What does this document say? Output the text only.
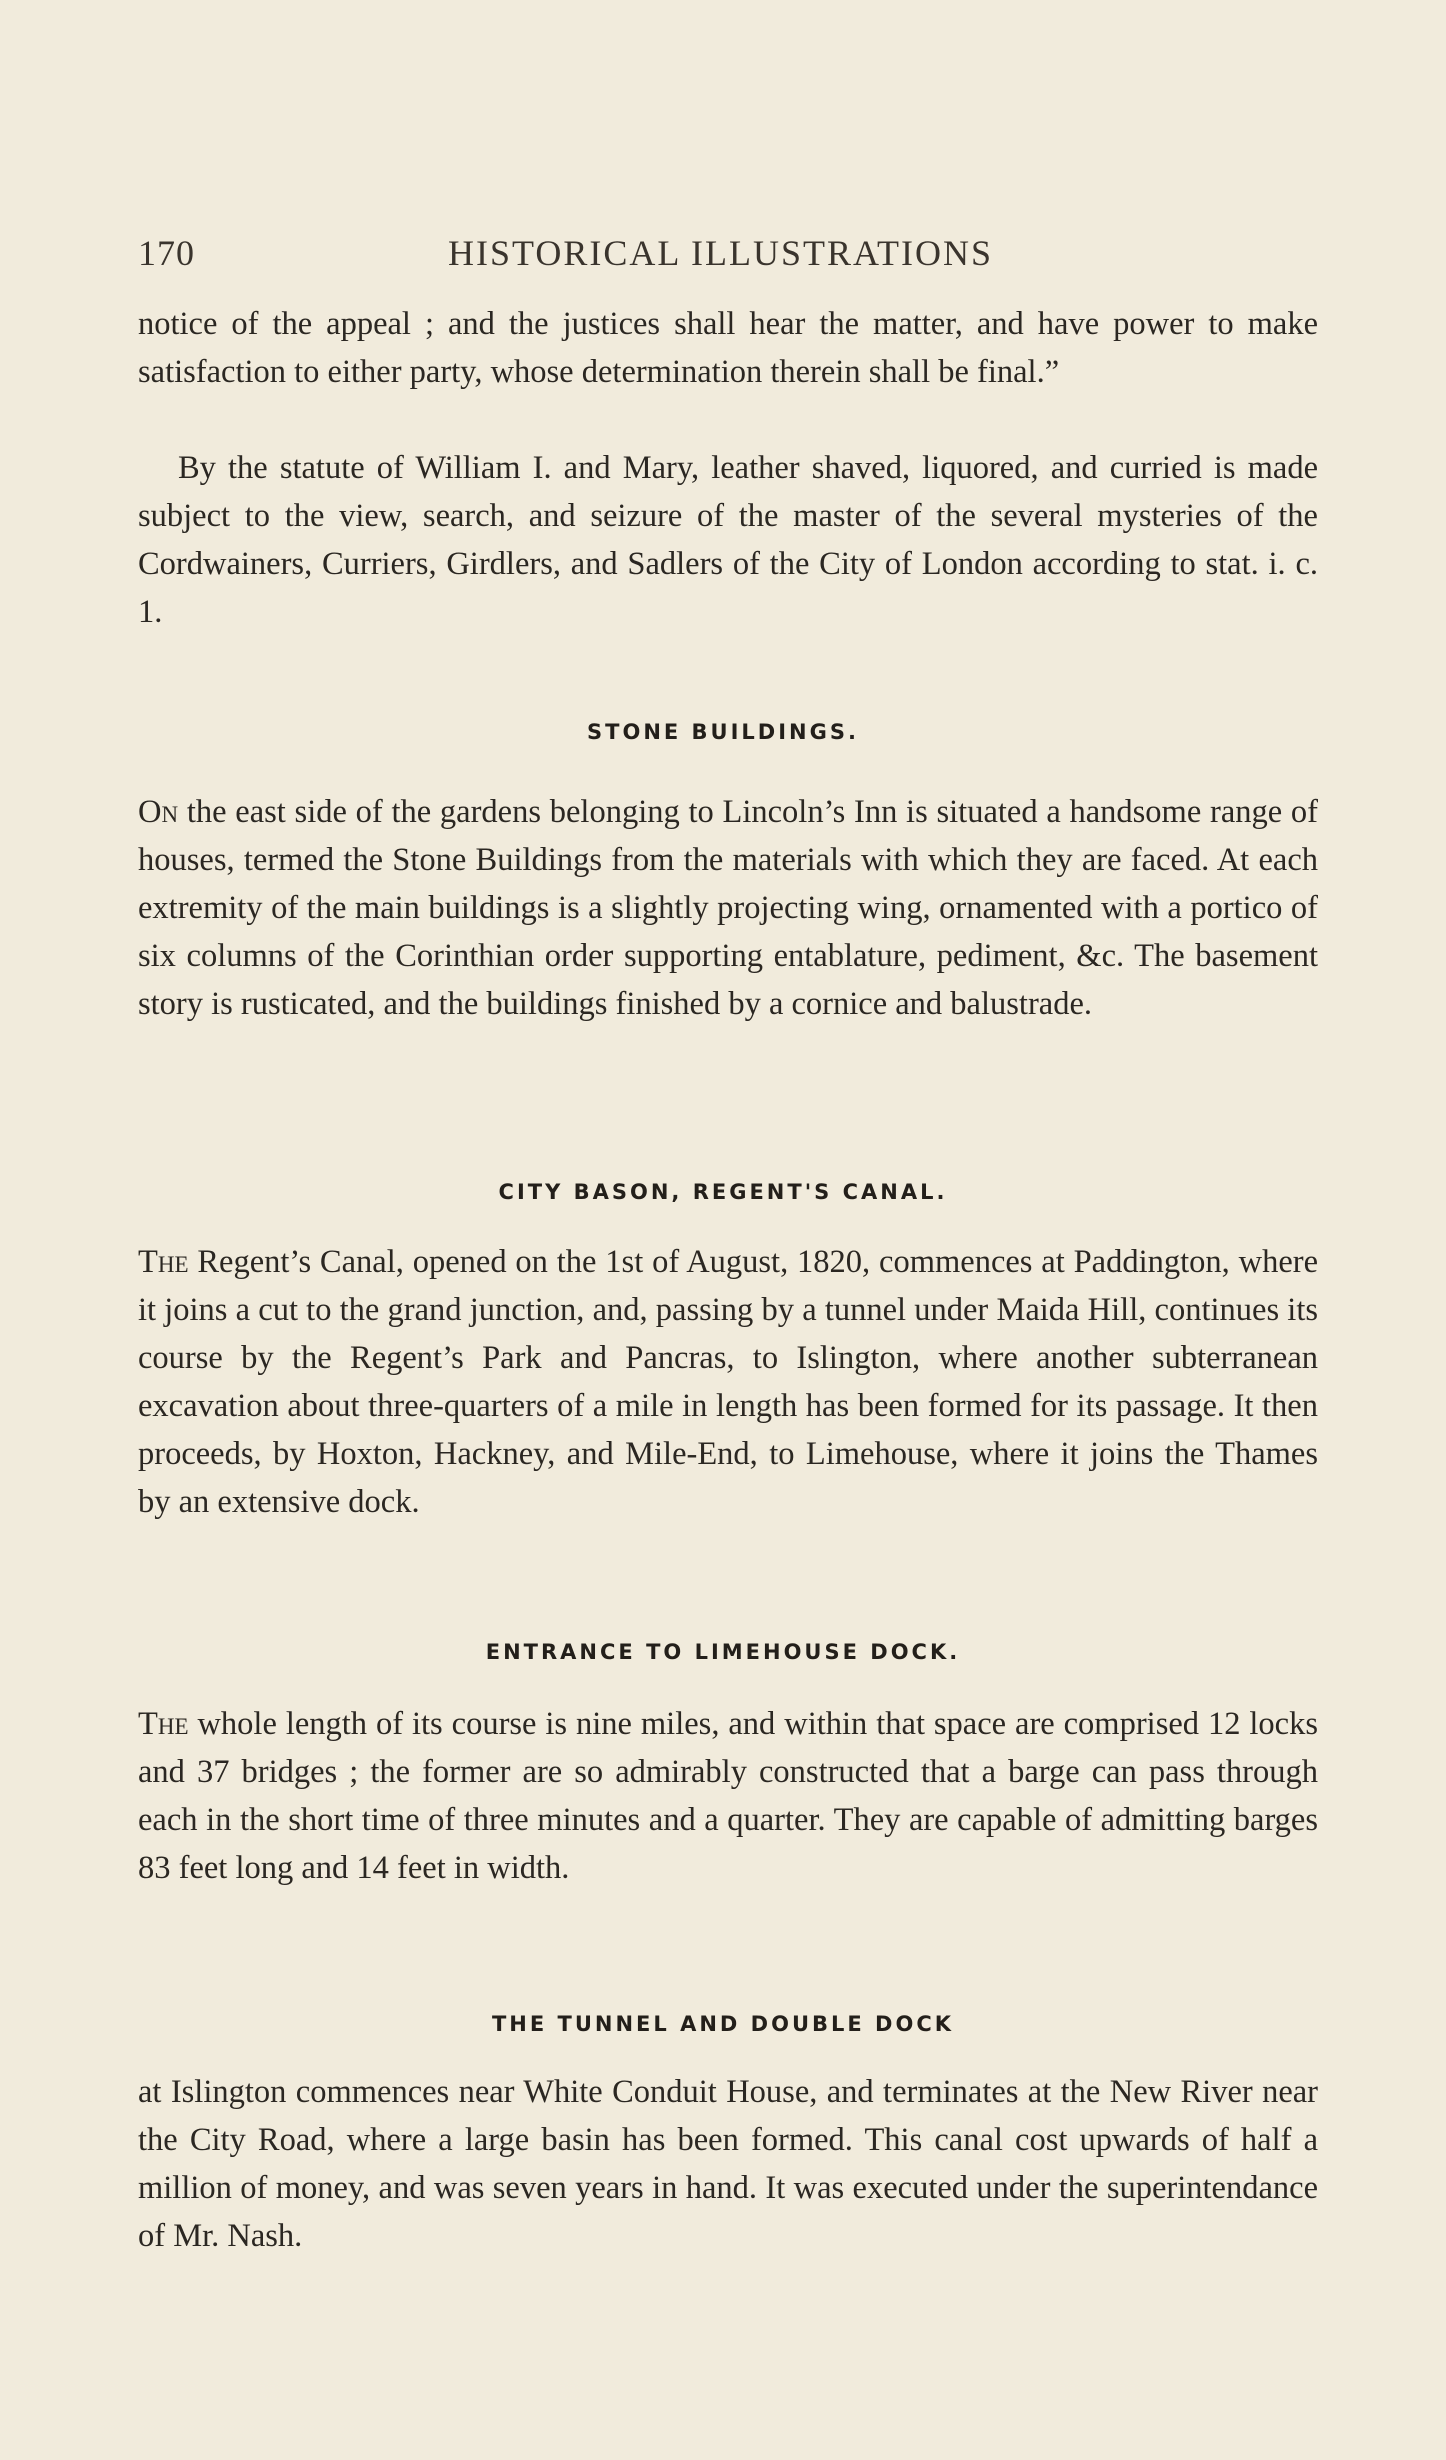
170	HISTORICAL ILLUSTRATIONS

notice of the appeal ; and the justices shall hear the matter, and have power to make satisfaction to either party, whose determination therein shall be final.”

By the statute of William I. and Mary, leather shaved, liquored, and curried is made subject to the view, search, and seizure of the master of the several mysteries of the Cordwainers, Curriers, Girdlers, and Sadlers of the City of London according to stat. i. c. 1.

STONE BUILDINGS.

On the east side of the gardens belonging to Lincoln’s Inn is situated a handsome range of houses, termed the Stone Buildings from the materials with which they are faced. At each extremity of the main buildings is a slightly projecting wing, ornamented with a portico of six columns of the Corinthian order supporting entablature, pediment, &c. The basement story is rusticated, and the buildings finished by a cornice and balustrade.

CITY BASON, REGENT'S CANAL.

The Regent’s Canal, opened on the 1st of August, 1820, commences at Paddington, where it joins a cut to the grand junction, and, passing by a tunnel under Maida Hill, continues its course by the Regent’s Park and Pancras, to Islington, where another subterranean excavation about three-quarters of a mile in length has been formed for its passage. It then proceeds, by Hoxton, Hackney, and Mile-End, to Limehouse, where it joins the Thames by an extensive dock.

ENTRANCE TO LIMEHOUSE DOCK.

The whole length of its course is nine miles, and within that space are comprised 12 locks and 37 bridges ; the former are so admirably constructed that a barge can pass through each in the short time of three minutes and a quarter. They are capable of admitting barges 83 feet long and 14 feet in width.

THE TUNNEL AND DOUBLE DOCK

at Islington commences near White Conduit House, and terminates at the New River near the City Road, where a large basin has been formed. This canal cost upwards of half a million of money, and was seven years in hand. It was executed under the superintendance of Mr. Nash.
